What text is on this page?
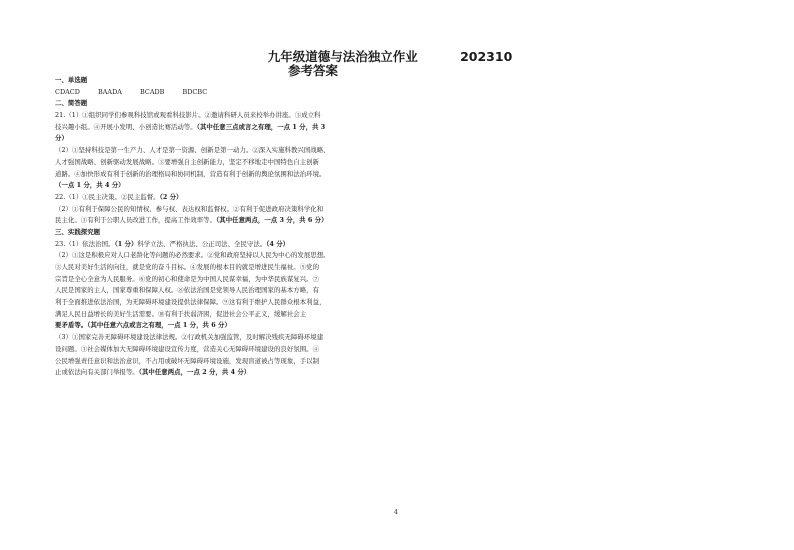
九年级道德与法治独立作业	202310
参考答案
一、单选题
CDACD	BAADA	BCADB	BDCBC
二、简答题
21.（1）①组织同学们参观科技馆或观看科技影片。②邀请科研人员来校举办讲座。③成立科
技兴趣小组。④开展小发明、小创造比赛活动等。（其中任意三点或言之有理，一点 1 分，共 3
分）
（2）①坚持科技是第一生产力、人才是第一资源、创新是第一动力。②深入实施科教兴国战略、
人才强国战略、创新驱动发展战略。③要增强自主创新能力，坚定不移地走中国特色自主创新
道路。④加快形成有利于创新的治理格局和协同机制，营造有利于创新的舆论氛围和法治环境。
（一点 1 分，共 4 分）
22.（1）①民主决策。②民主监督。（2 分）
（2）①有利于保障公民的知情权、参与权、表达权和监督权。②有利于促进政府决策科学化和
民主化。③有利于公职人员改进工作，提高工作效率等。（其中任意两点，一点 3 分，共 6 分）
三、实践探究题
23.（1）依法治国。（1 分）科学立法、严格执法、公正司法、全民守法。（4 分）
（2）①这是积极应对人口老龄化等问题的必然要求。②党和政府坚持以人民为中心的发展思想。
③人民对美好生活的向往，就是党的奋斗目标。④发展的根本目的就是增进民生福祉。⑤党的
宗旨是全心全意为人民服务。⑥党的初心和使命是为中国人民谋幸福，为中华民族谋复兴。⑦
人民是国家的主人，国家尊重和保障人权。⑧依法治国是党领导人民治理国家的基本方略，有
利于全面推进依法治国，为无障碍环境建设提供法律保障。⑨这有利于维护人民群众根本利益，
满足人民日益增长的美好生活需要。⑩有利于扶弱济困，促进社会公平正义，缓解社会主
要矛盾等。（其中任意六点或言之有理，一点 1 分，共 6 分）
（3）①国家完善无障碍环境建设法律法规。②行政机关加强监管，及时解决残疾无障碍环境建
设问题。③社会媒体加大无障碍环境建设宣传力度，营造关心无障碍环境建设的良好氛围。④
公民增强责任意识和法治意识，不占用或破坏无障碍环境设施，发现盲道被占等现象，手以制
止或依法向有关部门举报等。（其中任意两点，一点 2 分，共 4 分）
4
